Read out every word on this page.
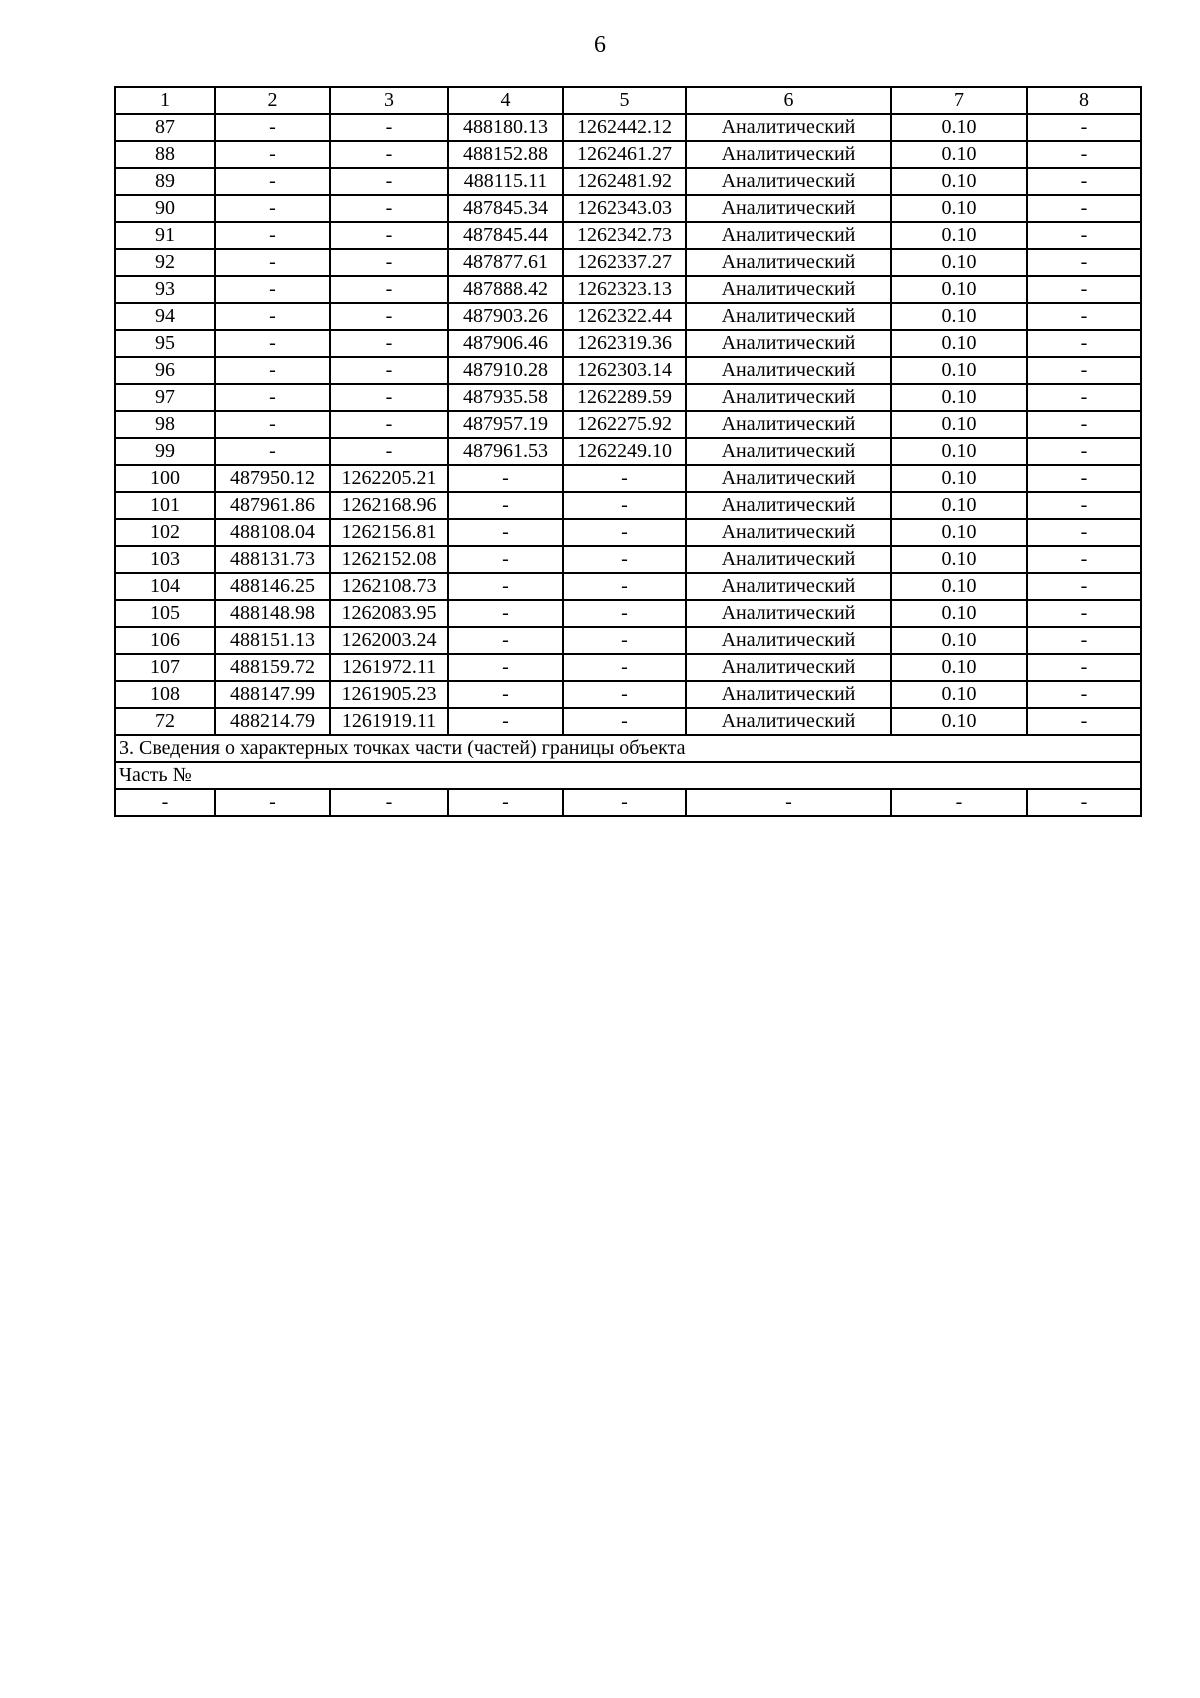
6
1	2	3	4	5	6	7	8
87	-	-	488180.13	1262442.12	Аналитический	0.10	-
88	-	-	488152.88	1262461.27	Аналитический	0.10	-
89	-	-	488115.11	1262481.92	Аналитический	0.10	-
90	-	-	487845.34	1262343.03	Аналитический	0.10	-
91	-	-	487845.44	1262342.73	Аналитический	0.10	-
92	-	-	487877.61	1262337.27	Аналитический	0.10	-
93	-	-	487888.42	1262323.13	Аналитический	0.10	-
94	-	-	487903.26	1262322.44	Аналитический	0.10	-
95	-	-	487906.46	1262319.36	Аналитический	0.10	-
96	-	-	487910.28	1262303.14	Аналитический	0.10	-
97	-	-	487935.58	1262289.59	Аналитический	0.10	-
98	-	-	487957.19	1262275.92	Аналитический	0.10	-
99	-	-	487961.53	1262249.10	Аналитический	0.10	-
100	487950.12	1262205.21	-	-	Аналитический	0.10	-
101	487961.86	1262168.96	-	-	Аналитический	0.10	-
102	488108.04	1262156.81	-	-	Аналитический	0.10	-
103	488131.73	1262152.08	-	-	Аналитический	0.10	-
104	488146.25	1262108.73	-	-	Аналитический	0.10	-
105	488148.98	1262083.95	-	-	Аналитический	0.10	-
106	488151.13	1262003.24	-	-	Аналитический	0.10	-
107	488159.72	1261972.11	-	-	Аналитический	0.10	-
108	488147.99	1261905.23	-	-	Аналитический	0.10	-
72	488214.79	1261919.11	-	-	Аналитический	0.10	-
3. Сведения о характерных точках части (частей) границы объекта							
Часть №							
-	-	-	-	-	-	-	-
